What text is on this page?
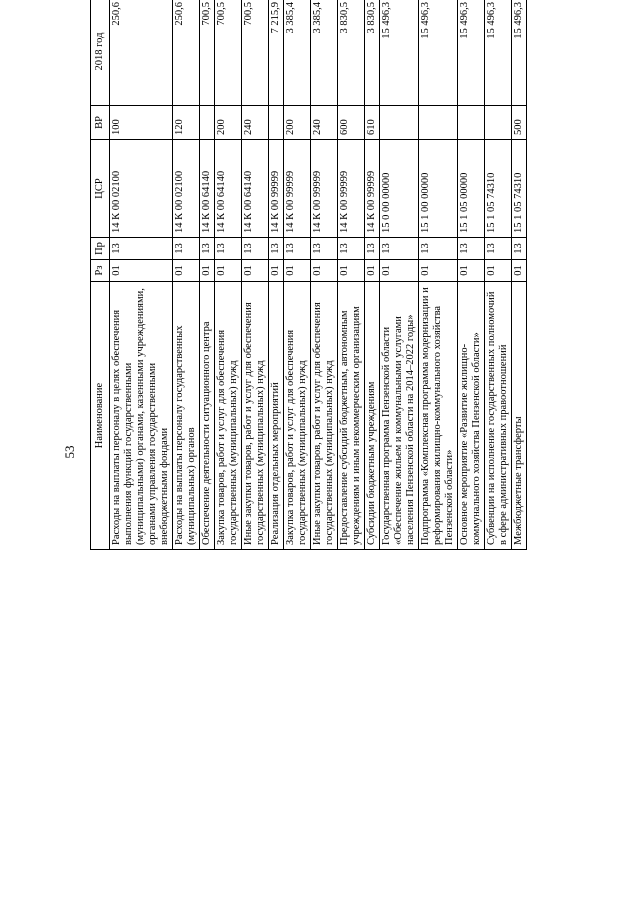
53
Наименование	Рз	Пр	ЦСР	ВР	2018 год		
Расходы на выплаты персоналу в целях обеспечения выполнения функций государственными (муниципальными) органами, казенными учреждениями, органами управления государственными внебюджетными фондами	01	13	14 К 00 02100	100	250,6		
Расходы на выплаты персоналу государственных (муниципальных) органов	01	13	14 К 00 02100	120	250,6		
Обеспечение деятельности ситуационного центра	01	13	14 К 00 64140		700,5		
Закупка товаров, работ и услуг для обеспечения государственных (муниципальных) нужд	01	13	14 К 00 64140	200	700,5		
Иные закупки товаров, работ и услуг для обеспечения государственных (муниципальных) нужд	01	13	14 К 00 64140	240	700,5		
Реализация отдельных мероприятий	01	13	14 К 00 99999		7 215,9		
Закупка товаров, работ и услуг для обеспечения государственных (муниципальных) нужд	01	13	14 К 00 99999	200	3 385,4		
Иные закупки товаров, работ и услуг для обеспечения государственных (муниципальных) нужд	01	13	14 К 00 99999	240	3 385,4		
Предоставление субсидий бюджетным, автономным учреждениям и иным некоммерческим организациям	01	13	14 К 00 99999	600	3 830,5		
Субсидии бюджетным учреждениям	01	13	14 К 00 99999	610	3 830,5		
Государственная программа Пензенской области «Обеспечение жильем и коммунальными услугами населения Пензенской области на 2014–2022 годы»	01	13	15 0 00 00000		15 496,3		
Подпрограмма «Комплексная программа модернизации и реформирования жилищно-коммунального хозяйства Пензенской области»	01	13	15 1 00 00000		15 496,3		
Основное мероприятие «Развитие жилищно-коммунального хозяйства Пензенской области»	01	13	15 1 05 00000		15 496,3		
Субвенции на исполнение государственных полномочий в сфере административных правоотношений	01	13	15 1 05 74310		15 496,3		
Межбюджетные трансферты	01	13	15 1 05 74310	500	15 496,3		
